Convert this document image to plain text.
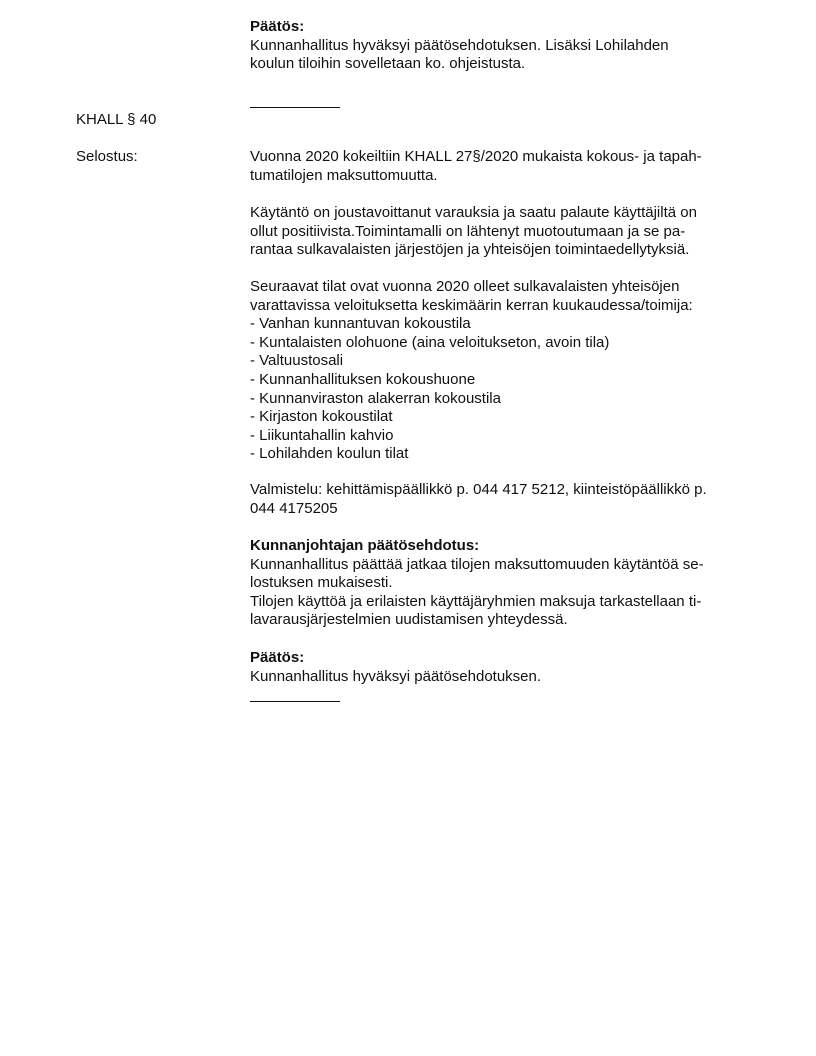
Päätös:
Kunnanhallitus hyväksyi päätösehdotuksen. Lisäksi Lohilahden
koulun tiloihin sovelletaan ko. ohjeistusta.
KHALL § 40
Selostus:	Vuonna 2020 kokeiltiin KHALL 27§/2020 mukaista kokous- ja tapah-
tumatilojen maksuttomuutta.
Käytäntö on joustavoittanut varauksia ja saatu palaute käyttäjiltä on
ollut positiivista.Toimintamalli on lähtenyt muotoutumaan ja se pa-
rantaa sulkavalaisten järjestöjen ja yhteisöjen toimintaedellytyksiä.
Seuraavat tilat ovat vuonna 2020 olleet sulkavalaisten yhteisöjen
varattavissa veloituksetta keskimäärin kerran kuukaudessa/toimija:
- Vanhan kunnantuvan kokoustila
- Kuntalaisten olohuone (aina veloitukseton, avoin tila)
- Valtuustosali
- Kunnanhallituksen kokoushuone
- Kunnanviraston alakerran kokoustila
- Kirjaston kokoustilat
- Liikuntahallin kahvio
- Lohilahden koulun tilat
Valmistelu: kehittämispäällikkö p. 044 417 5212, kiinteistöpäällikkö p.
044 4175205
Kunnanjohtajan päätösehdotus:
Kunnanhallitus päättää jatkaa tilojen maksuttomuuden käytäntöä se-
lostuksen mukaisesti.
Tilojen käyttöä ja erilaisten käyttäjäryhmien maksuja tarkastellaan ti-
lavarausjärjestelmien uudistamisen yhteydessä.
Päätös:
Kunnanhallitus hyväksyi päätösehdotuksen.
